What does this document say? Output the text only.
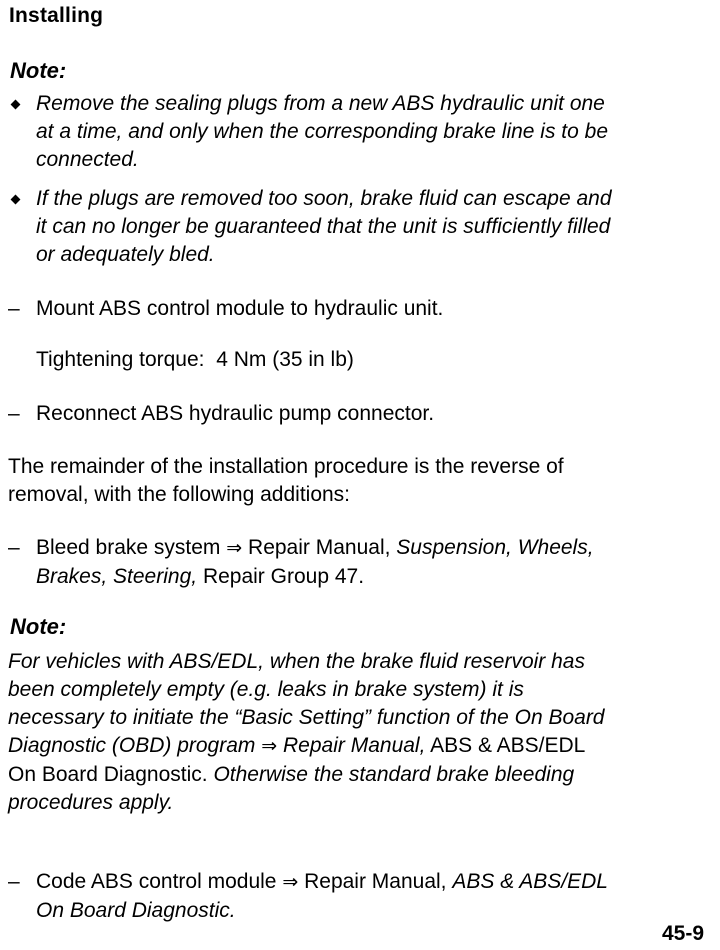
Installing
Note:
Remove the sealing plugs from a new ABS hydraulic unit one at a time, and only when the corresponding brake line is to be connected.
If the plugs are removed too soon, brake fluid can escape and it can no longer be guaranteed that the unit is sufficiently filled or adequately bled.
– Mount ABS control module to hydraulic unit.
Tightening torque: 4 Nm (35 in lb)
– Reconnect ABS hydraulic pump connector.
The remainder of the installation procedure is the reverse of removal, with the following additions:
– Bleed brake system ⇒ Repair Manual, Suspension, Wheels, Brakes, Steering, Repair Group 47.
Note:
For vehicles with ABS/EDL, when the brake fluid reservoir has been completely empty (e.g. leaks in brake system) it is necessary to initiate the “Basic Setting” function of the On Board Diagnostic (OBD) program ⇒ Repair Manual, ABS & ABS/EDL On Board Diagnostic. Otherwise the standard brake bleeding procedures apply.
– Code ABS control module ⇒ Repair Manual, ABS & ABS/EDL On Board Diagnostic.
45-9
